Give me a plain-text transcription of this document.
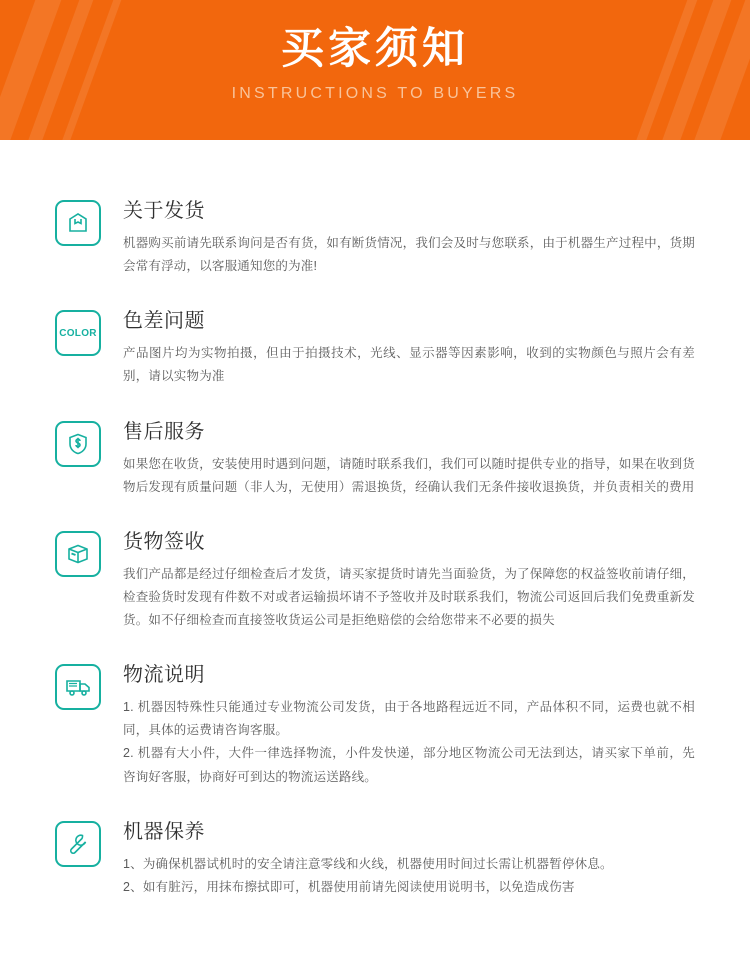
买家须知
INSTRUCTIONS TO BUYERS
关于发货

机器购买前请先联系询问是否有货，如有断货情况，我们会及时与您联系，由于机器生产过程中，货期会常有浮动，以客服通知您的为准!

COLOR
色差问题

产品图片均为实物拍摄，但由于拍摄技术，光线、显示器等因素影响，收到的实物颜色与照片会有差别，请以实物为准

售后服务

如果您在收货，安装使用时遇到问题，请随时联系我们，我们可以随时提供专业的指导，如果在收到货物后发现有质量问题（非人为，无使用）需退换货，经确认我们无条件接收退换货，并负责相关的费用

货物签收

我们产品都是经过仔细检查后才发货，请买家提货时请先当面验货，为了保障您的权益签收前请仔细，检查验货时发现有件数不对或者运输损坏请不予签收并及时联系我们，物流公司返回后我们免费重新发货。如不仔细检查而直接签收货运公司是拒绝赔偿的会给您带来不必要的损失

物流说明
1. 机器因特殊性只能通过专业物流公司发货，由于各地路程远近不同，产品体积不同，运费也就不相同，具体的运费请咨询客服。
2. 机器有大小件，大件一律选择物流，小件发快递，部分地区物流公司无法到达，请买家下单前，先咨询好客服，协商好可到达的物流运送路线。
机器保养
1、为确保机器试机时的安全请注意零线和火线，机器使用时间过长需让机器暂停休息。
2、如有脏污，用抹布擦拭即可，机器使用前请先阅读使用说明书，以免造成伤害
